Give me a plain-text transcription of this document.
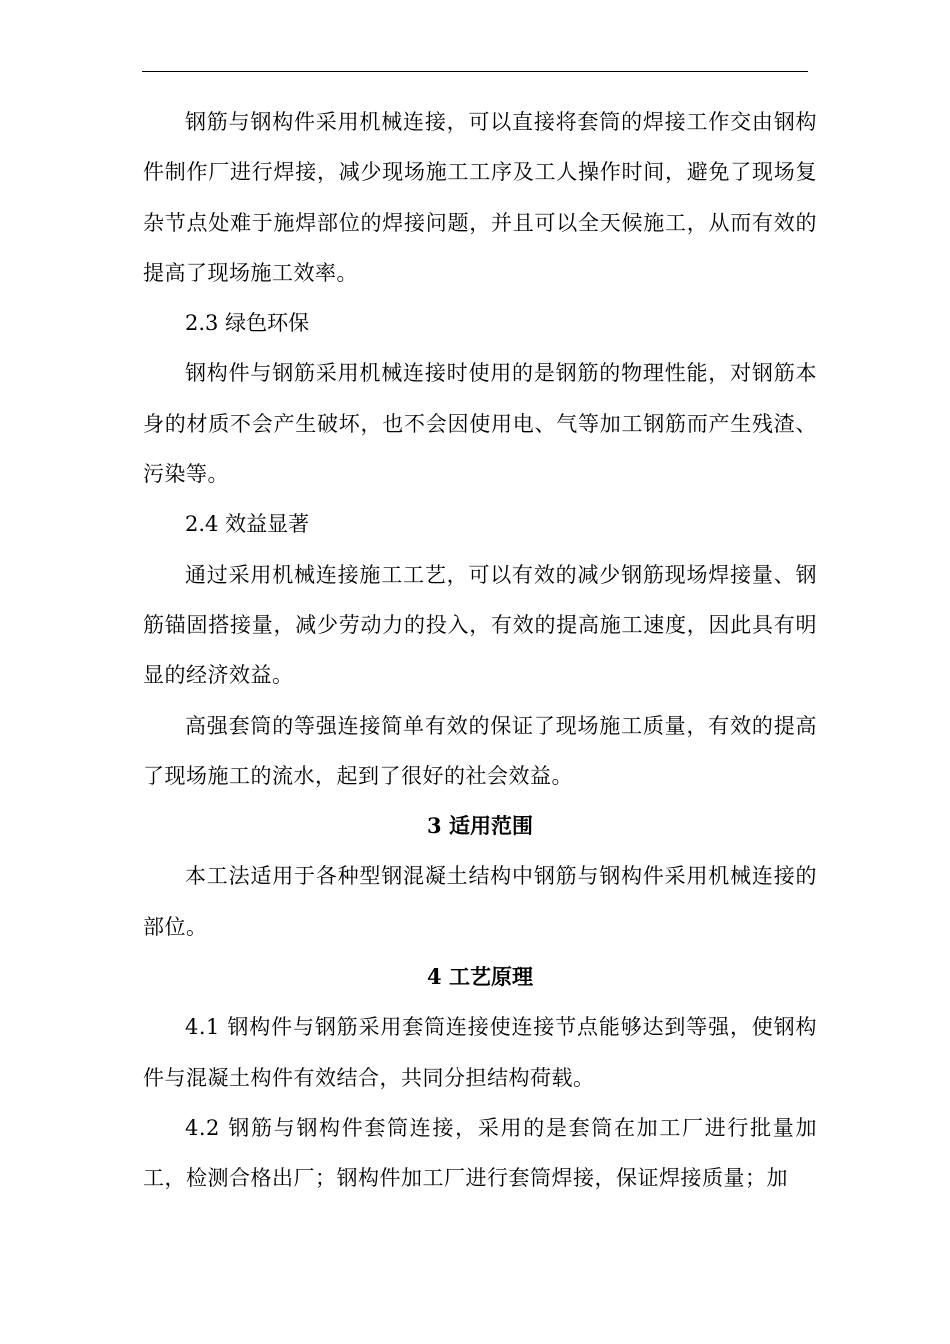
钢筋与钢构件采用机械连接，可以直接将套筒的焊接工作交由钢构件制作厂进行焊接，减少现场施工工序及工人操作时间，避免了现场复杂节点处难于施焊部位的焊接问题，并且可以全天候施工，从而有效的提高了现场施工效率。

2.3 绿色环保

钢构件与钢筋采用机械连接时使用的是钢筋的物理性能，对钢筋本身的材质不会产生破坏，也不会因使用电、气等加工钢筋而产生残渣、污染等。

2.4 效益显著

通过采用机械连接施工工艺，可以有效的减少钢筋现场焊接量、钢筋锚固搭接量，减少劳动力的投入，有效的提高施工速度，因此具有明显的经济效益。

高强套筒的等强连接简单有效的保证了现场施工质量，有效的提高了现场施工的流水，起到了很好的社会效益。

3 适用范围

本工法适用于各种型钢混凝土结构中钢筋与钢构件采用机械连接的部位。

4 工艺原理

4.1 钢构件与钢筋采用套筒连接使连接节点能够达到等强，使钢构件与混凝土构件有效结合，共同分担结构荷载。

4.2 钢筋与钢构件套筒连接，采用的是套筒在加工厂进行批量加工，检测合格出厂；钢构件加工厂进行套筒焊接，保证焊接质量；加
